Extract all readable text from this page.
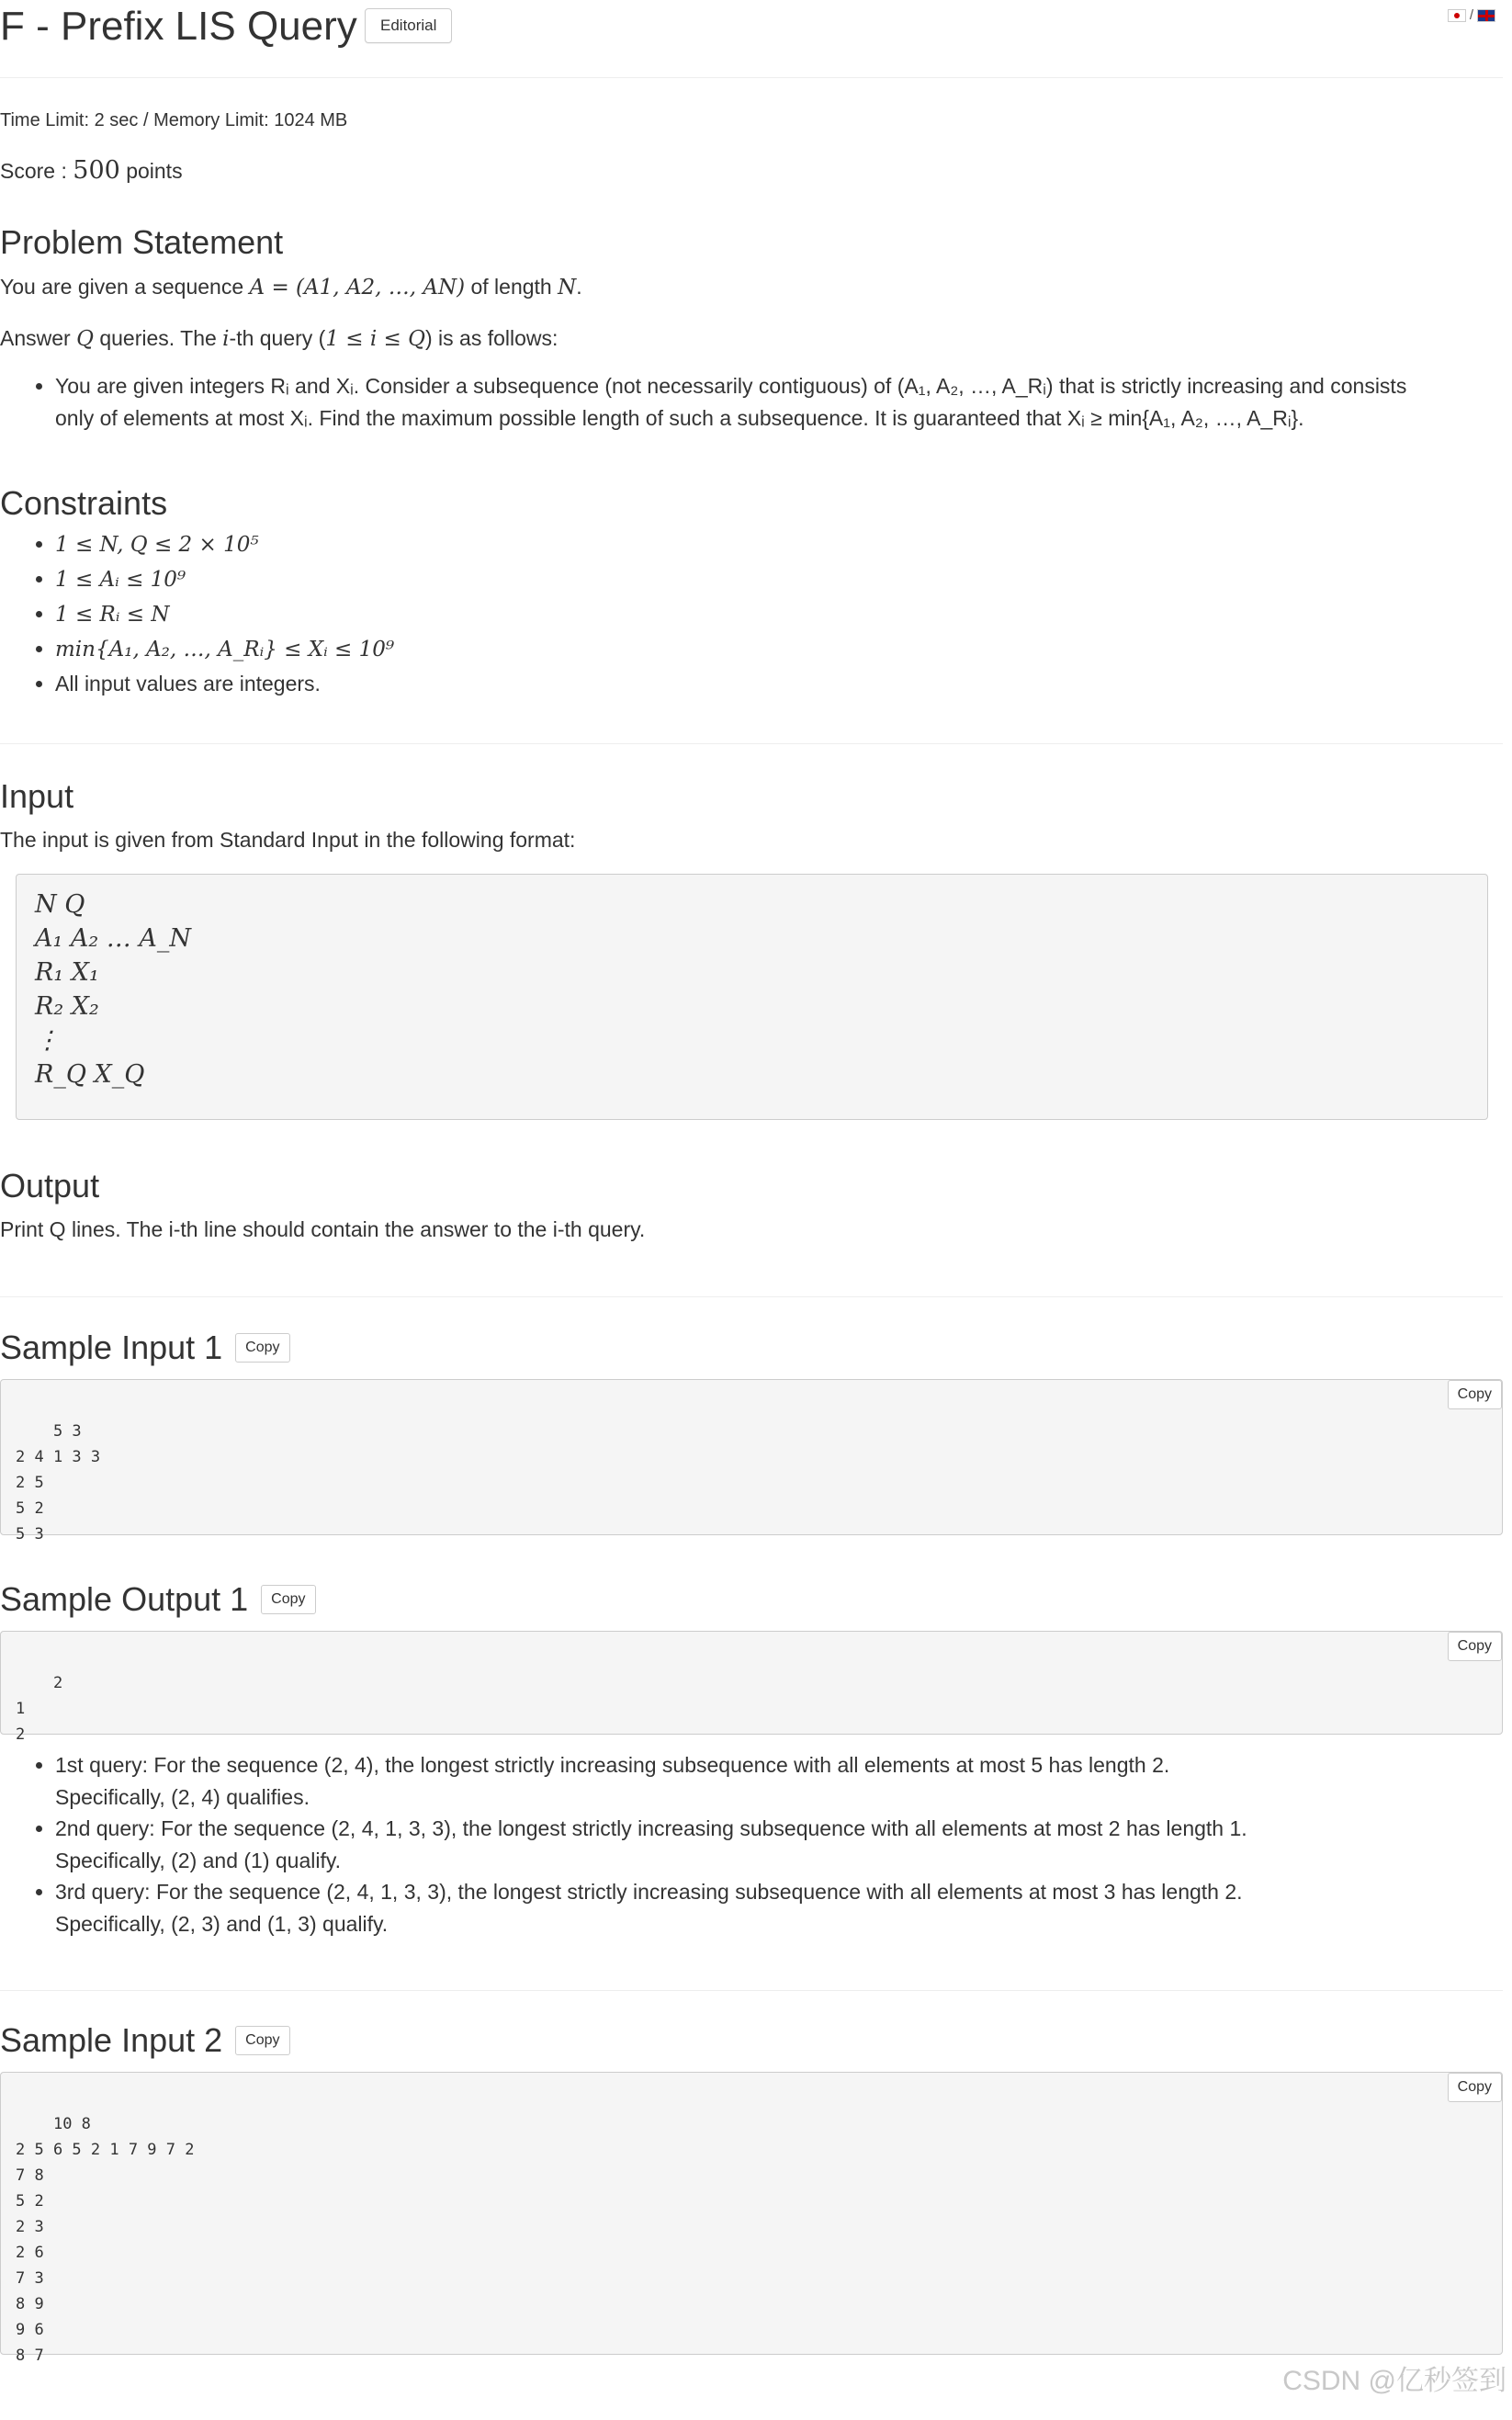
F - Prefix LIS Query	Editorial
/
Time Limit: 2 sec / Memory Limit: 1024 MB
Score : 500 points
Problem Statement

You are given a sequence A = (A1, A2, …, AN) of length N.

Answer Q queries. The i-th query (1 ≤ i ≤ Q) is as follows:

• You are given integers Rᵢ and Xᵢ. Consider a subsequence (not necessarily contiguous) of (A₁, A₂, …, A_Rᵢ) that is strictly increasing and consists
only of elements at most Xᵢ. Find the maximum possible length of such a subsequence. It is guaranteed that Xᵢ ≥ min{A₁, A₂, …, A_Rᵢ}.
Constraints
• 1 ≤ N, Q ≤ 2 × 10⁵
• 1 ≤ Aᵢ ≤ 10⁹
• 1 ≤ Rᵢ ≤ N
• min{A₁, A₂, …, A_Rᵢ} ≤ Xᵢ ≤ 10⁹
• All input values are integers.
Input

The input is given from Standard Input in the following format:

N Q
A₁ A₂ … A_N
R₁ X₁
R₂ X₂
⋮
R_Q X_Q
Output

Print Q lines. The i-th line should contain the answer to the i-th query.

Sample Input 1	Copy

5 3
2 4 1 3 3
2 5
5 2
5 3

Copy

Sample Output 1	Copy

2
1
2

Copy

• 1st query: For the sequence (2, 4), the longest strictly increasing subsequence with all elements at most 5 has length 2.
Specifically, (2, 4) qualifies.
• 2nd query: For the sequence (2, 4, 1, 3, 3), the longest strictly increasing subsequence with all elements at most 2 has length 1.
Specifically, (2) and (1) qualify.
• 3rd query: For the sequence (2, 4, 1, 3, 3), the longest strictly increasing subsequence with all elements at most 3 has length 2.
Specifically, (2, 3) and (1, 3) qualify.
Sample Input 2	Copy

10 8
2 5 6 5 2 1 7 9 7 2
7 8
5 2
2 3
2 6
7 3
8 9
9 6
8 7

Copy

CSDN @亿秒签到
